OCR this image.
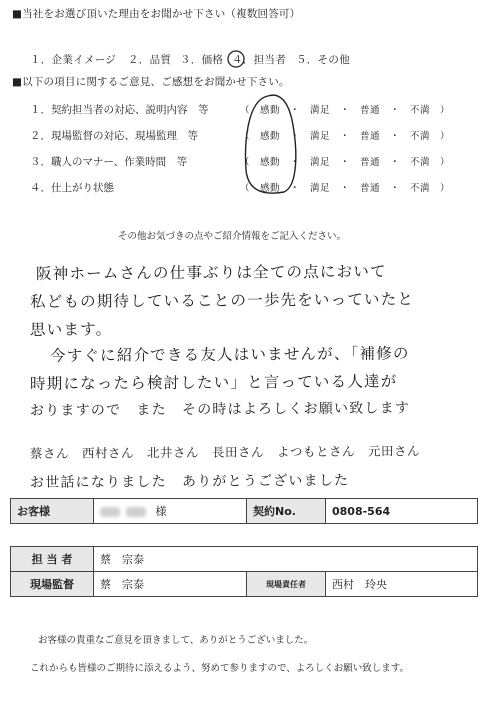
■当社をお選び頂いた理由をお聞かせ下さい（複数回答可）
１．企業イメージ ２．品質 ３．価格 ４．担当者 ５．その他
■以下の項目に関するご意見、ご感想をお聞かせ下さい。
１．契約担当者の対応、説明内容　等	（　感動　・　満足　・　普通　・　不満　）
２．現場監督の対応、現場監理　等	（　感動　・　満足　・　普通　・　不満　）
３．職人のマナー、作業時間　等	（　感動　・　満足　・　普通　・　不満　）
４．仕上がり状態	（　感動　・　満足　・　普通　・　不満　）
その他お気づきの点やご紹介情報をご記入ください。
阪神ホームさんの仕事ぶりは全ての点において
私どもの期待していることの一歩先をいっていたと
思います。
今すぐに紹介できる友人はいませんが、「補修の
時期になったら検討したい」と言っている人達が
おりますので　また　その時はよろしくお願い致します
蔡さん　西村さん　北井さん　長田さん　よつもとさん　元田さん
お世話になりました　ありがとうございました
お客様	様	契約No.	0808-564
担 当 者	蔡　宗泰		
現場監督	蔡　宗泰	現場責任者	西村　玲央
お客様の貴重なご意見を頂きまして、ありがとうございました。
これからも皆様のご期待に添えるよう、努めて参りますので、よろしくお願い致します。
